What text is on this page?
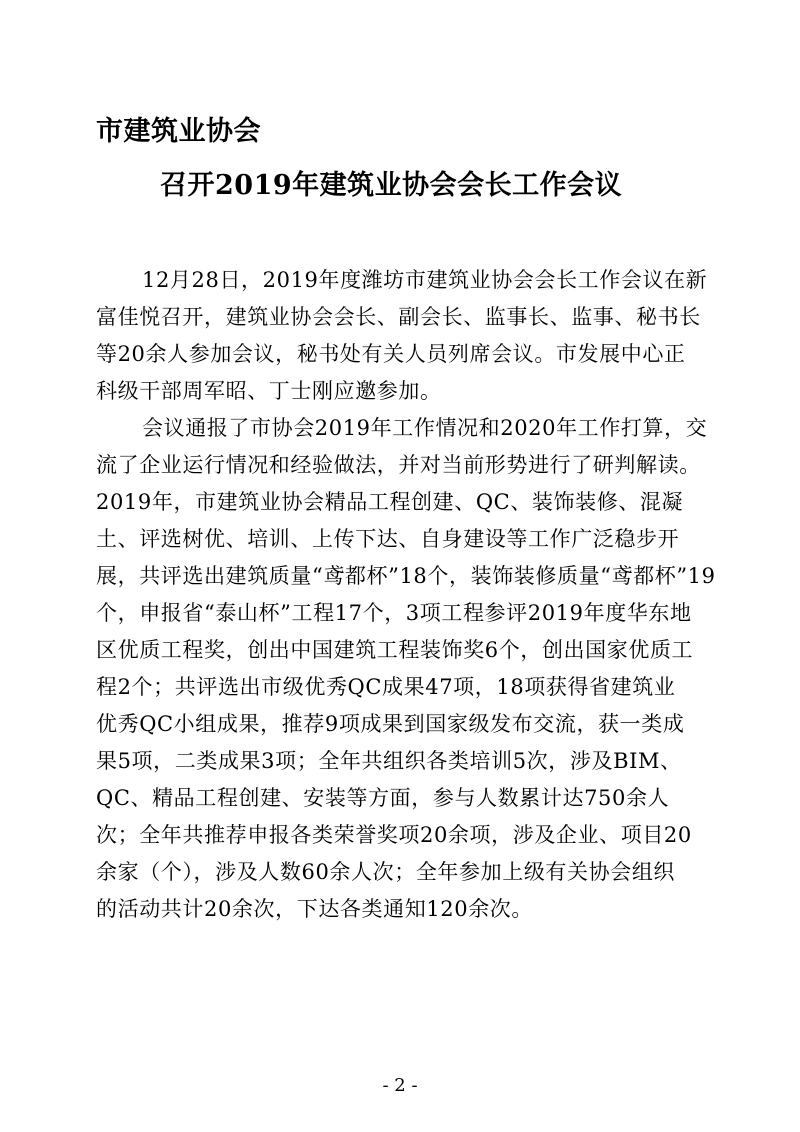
市建筑业协会
召开2019年建筑业协会会长工作会议
12月28日，2019年度潍坊市建筑业协会会长工作会议在新
富佳悦召开，建筑业协会会长、副会长、监事长、监事、秘书长
等20余人参加会议，秘书处有关人员列席会议。市发展中心正
科级干部周军昭、丁士刚应邀参加。
会议通报了市协会2019年工作情况和2020年工作打算，交
流了企业运行情况和经验做法，并对当前形势进行了研判解读。
2019年，市建筑业协会精品工程创建、QC、装饰装修、混凝
土、评选树优、培训、上传下达、自身建设等工作广泛稳步开
展，共评选出建筑质量“鸢都杯”18个，装饰装修质量“鸢都杯”19
个，申报省“泰山杯”工程17个，3项工程参评2019年度华东地
区优质工程奖，创出中国建筑工程装饰奖6个，创出国家优质工
程2个；共评选出市级优秀QC成果47项，18项获得省建筑业
优秀QC小组成果，推荐9项成果到国家级发布交流，获一类成
果5项，二类成果3项；全年共组织各类培训5次，涉及BIM、
QC、精品工程创建、安装等方面，参与人数累计达750余人
次；全年共推荐申报各类荣誉奖项20余项，涉及企业、项目20
余家（个），涉及人数60余人次；全年参加上级有关协会组织
的活动共计20余次，下达各类通知120余次。
- 2 -
